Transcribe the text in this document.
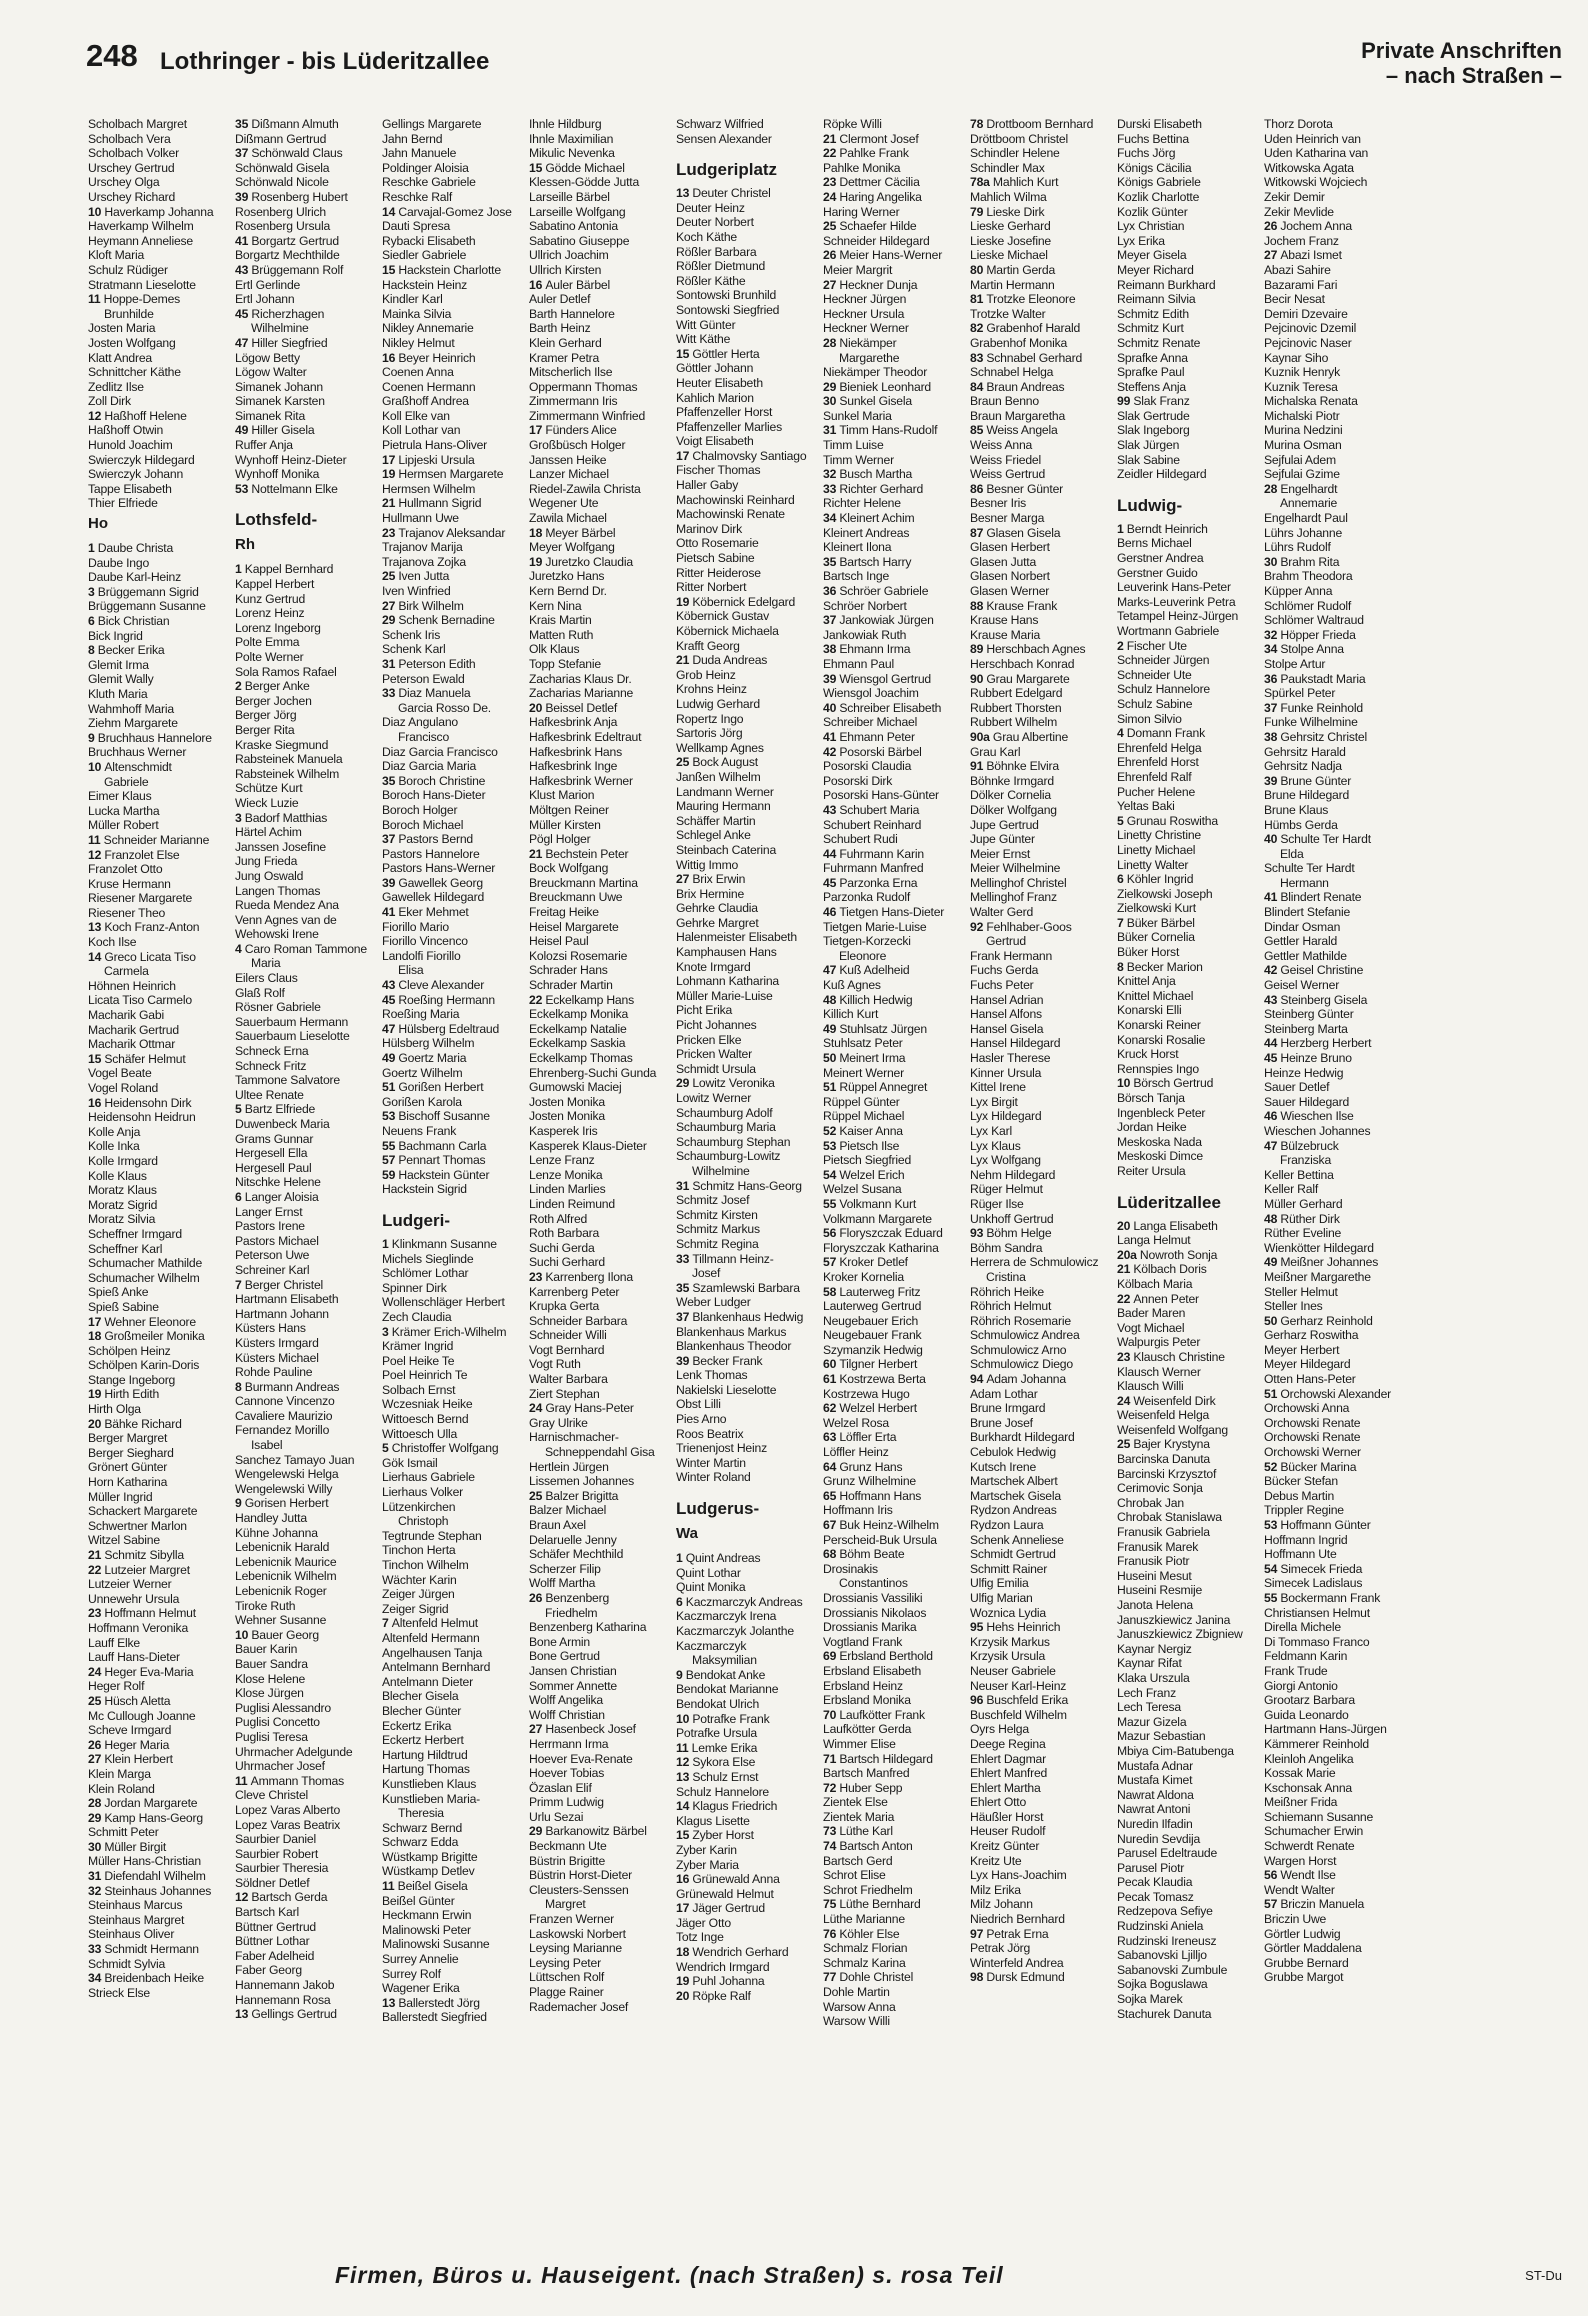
248 Lothringer - bis Lüderitzallee	Private Anschriften
– nach Straßen –
Scholbach Margret
Scholbach Vera
Scholbach Volker
Urschey Gertrud
Urschey Olga
Urschey Richard
10 Haverkamp Johanna
Haverkamp Wilhelm
Heymann Anneliese
Kloft Maria
Schulz Rüdiger
Stratmann Lieselotte
11 Hoppe-Demes
Brunhilde
Josten Maria
Josten Wolfgang
Klatt Andrea
Schnittcher Käthe
Zedlitz Ilse
Zoll Dirk
12 Haßhoff Helene
Haßhoff Otwin
Hunold Joachim
Swierczyk Hildegard
Swierczyk Johann
Tappe Elisabeth
Thier Elfriede
Ho
1 Daube Christa
Daube Ingo
Daube Karl-Heinz
3 Brüggemann Sigrid
Brüggemann Susanne
6 Bick Christian
Bick Ingrid
8 Becker Erika
Glemit Irma
Glemit Wally
Kluth Maria
Wahmhoff Maria
Ziehm Margarete
9 Bruchhaus Hannelore
Bruchhaus Werner
10 Altenschmidt
Gabriele
Eimer Klaus
Lucka Martha
Müller Robert
11 Schneider Marianne
12 Franzolet Else
Franzolet Otto
Kruse Hermann
Riesener Margarete
Riesener Theo
13 Koch Franz-Anton
Koch Ilse
14 Greco Licata Tiso
Carmela
Höhnen Heinrich
Licata Tiso Carmelo
Macharik Gabi
Macharik Gertrud
Macharik Ottmar
15 Schäfer Helmut
Vogel Beate
Vogel Roland
16 Heidensohn Dirk
Heidensohn Heidrun
Kolle Anja
Kolle Inka
Kolle Irmgard
Kolle Klaus
Moratz Klaus
Moratz Sigrid
Moratz Silvia
Scheffner Irmgard
Scheffner Karl
Schumacher Mathilde
Schumacher Wilhelm
Spieß Anke
Spieß Sabine
17 Wehner Eleonore
18 Großmeiler Monika
Schölpen Heinz
Schölpen Karin-Doris
Stange Ingeborg
19 Hirth Edith
Hirth Olga
20 Bähke Richard
Berger Margret
Berger Sieghard
Grönert Günter
Horn Katharina
Müller Ingrid
Schackert Margarete
Schwertner Marlon
Witzel Sabine
21 Schmitz Sibylla
22 Lutzeier Margret
Lutzeier Werner
Unnewehr Ursula
23 Hoffmann Helmut
Hoffmann Veronika
Lauff Elke
Lauff Hans-Dieter
24 Heger Eva-Maria
Heger Rolf
25 Hüsch Aletta
Mc Cullough Joanne
Scheve Irmgard
26 Heger Maria
27 Klein Herbert
Klein Marga
Klein Roland
28 Jordan Margarete
29 Kamp Hans-Georg
Schmitt Peter
30 Müller Birgit
Müller Hans-Christian
31 Diefendahl Wilhelm
32 Steinhaus Johannes
Steinhaus Marcus
Steinhaus Margret
Steinhaus Oliver
33 Schmidt Hermann
Schmidt Sylvia
34 Breidenbach Heike
Strieck Else
35 Dißmann Almuth
Dißmann Gertrud
37 Schönwald Claus
Schönwald Gisela
Schönwald Nicole
39 Rosenberg Hubert
Rosenberg Ulrich
Rosenberg Ursula
41 Borgartz Gertrud
Borgartz Mechthilde
43 Brüggemann Rolf
Ertl Gerlinde
Ertl Johann
45 Richerzhagen
Wilhelmine
47 Hiller Siegfried
Lögow Betty
Lögow Walter
Simanek Johann
Simanek Karsten
Simanek Rita
49 Hiller Gisela
Ruffer Anja
Wynhoff Heinz-Dieter
Wynhoff Monika
53 Nottelmann Elke
Lothsfeld-
Rh
1 Kappel Bernhard
Kappel Herbert
Kunz Gertrud
Lorenz Heinz
Lorenz Ingeborg
Polte Emma
Polte Werner
Sola Ramos Rafael
2 Berger Anke
Berger Jochen
Berger Jörg
Berger Rita
Kraske Siegmund
Rabsteinek Manuela
Rabsteinek Wilhelm
Schütze Kurt
Wieck Luzie
3 Badorf Matthias
Härtel Achim
Janssen Josefine
Jung Frieda
Jung Oswald
Langen Thomas
Rueda Mendez Ana
Venn Agnes van de
Wehowski Irene
4 Caro Roman Tammone
Maria
Eilers Claus
Glaß Rolf
Rösner Gabriele
Sauerbaum Hermann
Sauerbaum Lieselotte
Schneck Erna
Schneck Fritz
Tammone Salvatore
Ultee Renate
5 Bartz Elfriede
Duwenbeck Maria
Grams Gunnar
Hergesell Ella
Hergesell Paul
Nitschke Helene
6 Langer Aloisia
Langer Ernst
Pastors Irene
Pastors Michael
Peterson Uwe
Schreiner Karl
7 Berger Christel
Hartmann Elisabeth
Hartmann Johann
Küsters Hans
Küsters Irmgard
Küsters Michael
Rohde Pauline
8 Burmann Andreas
Cannone Vincenzo
Cavaliere Maurizio
Fernandez Morillo
Isabel
Sanchez Tamayo Juan
Wengelewski Helga
Wengelewski Willy
9 Gorisen Herbert
Handley Jutta
Kühne Johanna
Lebenicnik Harald
Lebenicnik Maurice
Lebenicnik Wilhelm
Lebenicnik Roger
Tiroke Ruth
Wehner Susanne
10 Bauer Georg
Bauer Karin
Bauer Sandra
Klose Helene
Klose Jürgen
Puglisi Alessandro
Puglisi Concetto
Puglisi Teresa
Uhrmacher Adelgunde
Uhrmacher Josef
11 Ammann Thomas
Cleve Christel
Lopez Varas Alberto
Lopez Varas Beatrix
Saurbier Daniel
Saurbier Robert
Saurbier Theresia
Söldner Detlef
12 Bartsch Gerda
Bartsch Karl
Büttner Gertrud
Büttner Lothar
Faber Adelheid
Faber Georg
Hannemann Jakob
Hannemann Rosa
13 Gellings Gertrud
Gellings Margarete
Jahn Bernd
Jahn Manuele
Poldinger Aloisia
Reschke Gabriele
Reschke Ralf
14 Carvajal-Gomez Jose
Dauti Spresa
Rybacki Elisabeth
Siedler Gabriele
15 Hackstein Charlotte
Hackstein Heinz
Kindler Karl
Mainka Silvia
Nikley Annemarie
Nikley Helmut
16 Beyer Heinrich
Coenen Anna
Coenen Hermann
Graßhoff Andrea
Koll Elke van
Koll Lothar van
Pietrula Hans-Oliver
17 Lipjeski Ursula
19 Hermsen Margarete
Hermsen Wilhelm
21 Hullmann Sigrid
Hullmann Uwe
23 Trajanov Aleksandar
Trajanov Marija
Trajanova Zojka
25 Iven Jutta
Iven Winfried
27 Birk Wilhelm
29 Schenk Bernadine
Schenk Iris
Schenk Karl
31 Peterson Edith
Peterson Ewald
33 Diaz Manuela
Garcia Rosso De.
Diaz Angulano
Francisco
Diaz Garcia Francisco
Diaz Garcia Maria
35 Boroch Christine
Boroch Hans-Dieter
Boroch Holger
Boroch Michael
37 Pastors Bernd
Pastors Hannelore
Pastors Hans-Werner
39 Gawellek Georg
Gawellek Hildegard
41 Eker Mehmet
Fiorillo Mario
Fiorillo Vincenco
Landolfi Fiorillo
Elisa
43 Cleve Alexander
45 Roeßing Hermann
Roeßing Maria
47 Hülsberg Edeltraud
Hülsberg Wilhelm
49 Goertz Maria
Goertz Wilhelm
51 Gorißen Herbert
Gorißen Karola
53 Bischoff Susanne
Neuens Frank
55 Bachmann Carla
57 Pennart Thomas
59 Hackstein Günter
Hackstein Sigrid
Ludgeri-
1 Klinkmann Susanne
Michels Sieglinde
Schlömer Lothar
Spinner Dirk
Wollenschläger Herbert
Zech Claudia
3 Krämer Erich-Wilhelm
Krämer Ingrid
Poel Heike Te
Poel Heinrich Te
Solbach Ernst
Wczesniak Heike
Wittoesch Bernd
Wittoesch Ulla
5 Christoffer Wolfgang
Gök Ismail
Lierhaus Gabriele
Lierhaus Volker
Lützenkirchen
Christoph
Tegtrunde Stephan
Tinchon Herta
Tinchon Wilhelm
Wächter Karin
Zeiger Jürgen
Zeiger Sigrid
7 Altenfeld Helmut
Altenfeld Hermann
Angelhausen Tanja
Antelmann Bernhard
Antelmann Dieter
Blecher Gisela
Blecher Günter
Eckertz Erika
Eckertz Herbert
Hartung Hildtrud
Hartung Thomas
Kunstlieben Klaus
Kunstlieben Maria-
Theresia
Schwarz Bernd
Schwarz Edda
Wüstkamp Brigitte
Wüstkamp Detlev
11 Beißel Gisela
Beißel Günter
Heckmann Erwin
Malinowski Peter
Malinowski Susanne
Surrey Annelie
Surrey Rolf
Wagener Erika
13 Ballerstedt Jörg
Ballerstedt Siegfried
Ihnle Hildburg
Ihnle Maximilian
Mikulic Nevenka
15 Gödde Michael
Klessen-Gödde Jutta
Larseille Bärbel
Larseille Wolfgang
Sabatino Antonia
Sabatino Giuseppe
Ullrich Joachim
Ullrich Kirsten
16 Auler Bärbel
Auler Detlef
Barth Hannelore
Barth Heinz
Klein Gerhard
Kramer Petra
Mitscherlich Ilse
Oppermann Thomas
Zimmermann Iris
Zimmermann Winfried
17 Fünders Alice
Großbüsch Holger
Janssen Heike
Lanzer Michael
Riedel-Zawila Christa
Wegener Ute
Zawila Michael
18 Meyer Bärbel
Meyer Wolfgang
19 Juretzko Claudia
Juretzko Hans
Kern Bernd Dr.
Kern Nina
Krais Martin
Matten Ruth
Olk Klaus
Topp Stefanie
Zacharias Klaus Dr.
Zacharias Marianne
20 Beissel Detlef
Hafkesbrink Anja
Hafkesbrink Edeltraut
Hafkesbrink Hans
Hafkesbrink Inge
Hafkesbrink Werner
Klust Marion
Möltgen Reiner
Müller Kirsten
Pögl Holger
21 Bechstein Peter
Bock Wolfgang
Breuckmann Martina
Breuckmann Uwe
Freitag Heike
Heisel Margarete
Heisel Paul
Kolozsi Rosemarie
Schrader Hans
Schrader Martin
22 Eckelkamp Hans
Eckelkamp Monika
Eckelkamp Natalie
Eckelkamp Saskia
Eckelkamp Thomas
Ehrenberg-Suchi Gunda
Gumowski Maciej
Josten Monika
Josten Monika
Kasperek Iris
Kasperek Klaus-Dieter
Lenze Franz
Lenze Monika
Linden Marlies
Linden Reimund
Roth Alfred
Roth Barbara
Suchi Gerda
Suchi Gerhard
23 Karrenberg Ilona
Karrenberg Peter
Krupka Gerta
Schneider Barbara
Schneider Willi
Vogt Bernhard
Vogt Ruth
Walter Barbara
Ziert Stephan
24 Gray Hans-Peter
Gray Ulrike
Harnischmacher-
Schneppendahl Gisa
Hertlein Jürgen
Lissemen Johannes
25 Balzer Brigitta
Balzer Michael
Braun Axel
Delaruelle Jenny
Schäfer Mechthild
Scherzer Filip
Wolff Martha
26 Benzenberg
Friedhelm
Benzenberg Katharina
Bone Armin
Bone Gertrud
Jansen Christian
Sommer Annette
Wolff Angelika
Wolff Christian
27 Hasenbeck Josef
Herrmann Irma
Hoever Eva-Renate
Hoever Tobias
Özaslan Elif
Primm Ludwig
Urlu Sezai
29 Barkanowitz Bärbel
Beckmann Ute
Büstrin Brigitte
Büstrin Horst-Dieter
Cleusters-Senssen
Margret
Franzen Werner
Laskowski Norbert
Leysing Marianne
Leysing Peter
Lüttschen Rolf
Plagge Rainer
Rademacher Josef
Schwarz Wilfried
Sensen Alexander
Ludgeriplatz
13 Deuter Christel
Deuter Heinz
Deuter Norbert
Koch Käthe
Rößler Barbara
Rößler Dietmund
Rößler Käthe
Sontowski Brunhild
Sontowski Siegfried
Witt Günter
Witt Käthe
15 Göttler Herta
Göttler Johann
Heuter Elisabeth
Kahlich Marion
Pfaffenzeller Horst
Pfaffenzeller Marlies
Voigt Elisabeth
17 Chalmovsky Santiago
Fischer Thomas
Haller Gaby
Machowinski Reinhard
Machowinski Renate
Marinov Dirk
Otto Rosemarie
Pietsch Sabine
Ritter Heiderose
Ritter Norbert
19 Köbernick Edelgard
Köbernick Gustav
Köbernick Michaela
Krafft Georg
21 Duda Andreas
Grob Heinz
Krohns Heinz
Ludwig Gerhard
Ropertz Ingo
Sartoris Jörg
Wellkamp Agnes
25 Bock August
Janßen Wilhelm
Landmann Werner
Mauring Hermann
Schäffer Martin
Schlegel Anke
Steinbach Caterina
Wittig Immo
27 Brix Erwin
Brix Hermine
Gehrke Claudia
Gehrke Margret
Halenmeister Elisabeth
Kamphausen Hans
Knote Irmgard
Lohmann Katharina
Müller Marie-Luise
Picht Erika
Picht Johannes
Pricken Elke
Pricken Walter
Schmidt Ursula
29 Lowitz Veronika
Lowitz Werner
Schaumburg Adolf
Schaumburg Maria
Schaumburg Stephan
Schaumburg-Lowitz
Wilhelmine
31 Schmitz Hans-Georg
Schmitz Josef
Schmitz Kirsten
Schmitz Markus
Schmitz Regina
33 Tillmann Heinz-
Josef
35 Szamlewski Barbara
Weber Ludger
37 Blankenhaus Hedwig
Blankenhaus Markus
Blankenhaus Theodor
39 Becker Frank
Lenk Thomas
Nakielski Lieselotte
Obst Lilli
Pies Arno
Roos Beatrix
Trienenjost Heinz
Winter Martin
Winter Roland
Ludgerus-
Wa
1 Quint Andreas
Quint Lothar
Quint Monika
6 Kaczmarczyk Andreas
Kaczmarczyk Irena
Kaczmarczyk Jolanthe
Kaczmarczyk
Maksymilian
9 Bendokat Anke
Bendokat Marianne
Bendokat Ulrich
10 Potrafke Frank
Potrafke Ursula
11 Lemke Erika
12 Sykora Else
13 Schulz Ernst
Schulz Hannelore
14 Klagus Friedrich
Klagus Lisette
15 Zyber Horst
Zyber Karin
Zyber Maria
16 Grünewald Anna
Grünewald Helmut
17 Jäger Gertrud
Jäger Otto
Totz Inge
18 Wendrich Gerhard
Wendrich Irmgard
19 Puhl Johanna
20 Röpke Ralf
Röpke Willi
21 Clermont Josef
22 Pahlke Frank
Pahlke Monika
23 Dettmer Cäcilia
24 Haring Angelika
Haring Werner
25 Schaefer Hilde
Schneider Hildegard
26 Meier Hans-Werner
Meier Margrit
27 Heckner Dunja
Heckner Jürgen
Heckner Ursula
Heckner Werner
28 Niekämper
Margarethe
Niekämper Theodor
29 Bieniek Leonhard
30 Sunkel Gisela
Sunkel Maria
31 Timm Hans-Rudolf
Timm Luise
Timm Werner
32 Busch Martha
33 Richter Gerhard
Richter Helene
34 Kleinert Achim
Kleinert Andreas
Kleinert Ilona
35 Bartsch Harry
Bartsch Inge
36 Schröer Gabriele
Schröer Norbert
37 Jankowiak Jürgen
Jankowiak Ruth
38 Ehmann Irma
Ehmann Paul
39 Wiensgol Gertrud
Wiensgol Joachim
40 Schreiber Elisabeth
Schreiber Michael
41 Ehmann Peter
42 Posorski Bärbel
Posorski Claudia
Posorski Dirk
Posorski Hans-Günter
43 Schubert Maria
Schubert Reinhard
Schubert Rudi
44 Fuhrmann Karin
Fuhrmann Manfred
45 Parzonka Erna
Parzonka Rudolf
46 Tietgen Hans-Dieter
Tietgen Marie-Luise
Tietgen-Korzecki
Eleonore
47 Kuß Adelheid
Kuß Agnes
48 Killich Hedwig
Killich Kurt
49 Stuhlsatz Jürgen
Stuhlsatz Peter
50 Meinert Irma
Meinert Werner
51 Rüppel Annegret
Rüppel Günter
Rüppel Michael
52 Kaiser Anna
53 Pietsch Ilse
Pietsch Siegfried
54 Welzel Erich
Welzel Susana
55 Volkmann Kurt
Volkmann Margarete
56 Floryszczak Eduard
Floryszczak Katharina
57 Kroker Detlef
Kroker Kornelia
58 Lauterweg Fritz
Lauterweg Gertrud
Neugebauer Erich
Neugebauer Frank
Szymanzik Hedwig
60 Tilgner Herbert
61 Kostrzewa Berta
Kostrzewa Hugo
62 Welzel Herbert
Welzel Rosa
63 Löffler Erta
Löffler Heinz
64 Grunz Hans
Grunz Wilhelmine
65 Hoffmann Hans
Hoffmann Iris
67 Buk Heinz-Wilhelm
Perscheid-Buk Ursula
68 Böhm Beate
Drosinakis
Constantinos
Drossianis Vassiliki
Drossianis Nikolaos
Drossianis Marika
Vogtland Frank
69 Erbsland Berthold
Erbsland Elisabeth
Erbsland Heinz
Erbsland Monika
70 Laufkötter Frank
Laufkötter Gerda
Wimmer Elise
71 Bartsch Hildegard
Bartsch Manfred
72 Huber Sepp
Zientek Else
Zientek Maria
73 Lüthe Karl
74 Bartsch Anton
Bartsch Gerd
Schrot Elise
Schrot Friedhelm
75 Lüthe Bernhard
Lüthe Marianne
76 Köhler Else
Schmalz Florian
Schmalz Karina
77 Dohle Christel
Dohle Martin
Warsow Anna
Warsow Willi
78 Drottboom Bernhard
Dröttboom Christel
Schindler Helene
Schindler Max
78a Mahlich Kurt
Mahlich Wilma
79 Lieske Dirk
Lieske Gerhard
Lieske Josefine
Lieske Michael
80 Martin Gerda
Martin Hermann
81 Trotzke Eleonore
Trotzke Walter
82 Grabenhof Harald
Grabenhof Monika
83 Schnabel Gerhard
Schnabel Helga
84 Braun Andreas
Braun Benno
Braun Margaretha
85 Weiss Angela
Weiss Anna
Weiss Friedel
Weiss Gertrud
86 Besner Günter
Besner Iris
Besner Marga
87 Glasen Gisela
Glasen Herbert
Glasen Jutta
Glasen Norbert
Glasen Werner
88 Krause Frank
Krause Hans
Krause Maria
89 Herschbach Agnes
Herschbach Konrad
90 Grau Margarete
Rubbert Edelgard
Rubbert Thorsten
Rubbert Wilhelm
90a Grau Albertine
Grau Karl
91 Böhnke Elvira
Böhnke Irmgard
Dölker Cornelia
Dölker Wolfgang
Jupe Gertrud
Jupe Günter
Meier Ernst
Meier Wilhelmine
Mellinghof Christel
Mellinghof Franz
Walter Gerd
92 Fehlhaber-Goos
Gertrud
Frank Hermann
Fuchs Gerda
Fuchs Peter
Hansel Adrian
Hansel Alfons
Hansel Gisela
Hansel Hildegard
Hasler Therese
Kinner Ursula
Kittel Irene
Lyx Birgit
Lyx Hildegard
Lyx Karl
Lyx Klaus
Lyx Wolfgang
Nehm Hildegard
Rüger Helmut
Rüger Ilse
Unkhoff Gertrud
93 Böhm Helge
Böhm Sandra
Herrera de Schmulowicz
Cristina
Röhrich Heike
Röhrich Helmut
Röhrich Rosemarie
Schmulowicz Andrea
Schmulowicz Arno
Schmulowicz Diego
94 Adam Johanna
Adam Lothar
Brune Irmgard
Brune Josef
Burkhardt Hildegard
Cebulok Hedwig
Kutsch Irene
Martschek Albert
Martschek Gisela
Rydzon Andreas
Rydzon Laura
Schenk Anneliese
Schmidt Gertrud
Schmitt Rainer
Ulfig Emilia
Ulfig Marian
Woznica Lydia
95 Hehs Heinrich
Krzysik Markus
Krzysik Ursula
Neuser Gabriele
Neuser Karl-Heinz
96 Buschfeld Erika
Buschfeld Wilhelm
Oyrs Helga
Deege Regina
Ehlert Dagmar
Ehlert Manfred
Ehlert Martha
Ehlert Otto
Häußler Horst
Heuser Rudolf
Kreitz Günter
Kreitz Ute
Lyx Hans-Joachim
Milz Erika
Milz Johann
Niedrich Bernhard
97 Petrak Erna
Petrak Jörg
Winterfeld Andrea
98 Dursk Edmund
Durski Elisabeth
Fuchs Bettina
Fuchs Jörg
Königs Cäcilia
Königs Gabriele
Kozlik Charlotte
Kozlik Günter
Lyx Christian
Lyx Erika
Meyer Gisela
Meyer Richard
Reimann Burkhard
Reimann Silvia
Schmitz Edith
Schmitz Kurt
Schmitz Renate
Sprafke Anna
Sprafke Paul
Steffens Anja
99 Slak Franz
Slak Gertrude
Slak Ingeborg
Slak Jürgen
Slak Sabine
Zeidler Hildegard
Ludwig-
1 Berndt Heinrich
Berns Michael
Gerstner Andrea
Gerstner Guido
Leuverink Hans-Peter
Marks-Leuverink Petra
Tetampel Heinz-Jürgen
Wortmann Gabriele
2 Fischer Ute
Schneider Jürgen
Schneider Ute
Schulz Hannelore
Schulz Sabine
Simon Silvio
4 Domann Frank
Ehrenfeld Helga
Ehrenfeld Horst
Ehrenfeld Ralf
Pucher Helene
Yeltas Baki
5 Grunau Roswitha
Linetty Christine
Linetty Michael
Linetty Walter
6 Köhler Ingrid
Zielkowski Joseph
Zielkowski Kurt
7 Büker Bärbel
Büker Cornelia
Büker Horst
8 Becker Marion
Knittel Anja
Knittel Michael
Konarski Elli
Konarski Reiner
Konarski Rosalie
Kruck Horst
Rennspies Ingo
10 Börsch Gertrud
Börsch Tanja
Ingenbleck Peter
Jordan Heike
Meskoska Nada
Meskoski Dimce
Reiter Ursula
Lüderitzallee
20 Langa Elisabeth
Langa Helmut
20a Nowroth Sonja
21 Kölbach Doris
Kölbach Maria
22 Annen Peter
Bader Maren
Vogt Michael
Walpurgis Peter
23 Klausch Christine
Klausch Werner
Klausch Willi
24 Weisenfeld Dirk
Weisenfeld Helga
Weisenfeld Wolfgang
25 Bajer Krystyna
Barcinska Danuta
Barcinski Krzysztof
Cerimovic Sonja
Chrobak Jan
Chrobak Stanislawa
Franusik Gabriela
Franusik Marek
Franusik Piotr
Huseini Mesut
Huseini Resmije
Janota Helena
Januszkiewicz Janina
Januszkiewicz Zbigniew
Kaynar Nergiz
Kaynar Rifat
Klaka Urszula
Lech Franz
Lech Teresa
Mazur Gizela
Mazur Sebastian
Mbiya Cim-Batubenga
Mustafa Adnar
Mustafa Kimet
Nawrat Aldona
Nawrat Antoni
Nuredin Ilfadin
Nuredin Sevdija
Parusel Edeltraude
Parusel Piotr
Pecak Klaudia
Pecak Tomasz
Redzepova Sefiye
Rudzinski Aniela
Rudzinski Ireneusz
Sabanovski Ljilljo
Sabanovski Zumbule
Sojka Boguslawa
Sojka Marek
Stachurek Danuta
Thorz Dorota
Uden Heinrich van
Uden Katharina van
Witkowska Agata
Witkowski Wojciech
Zekir Demir
Zekir Mevlide
26 Jochem Anna
Jochem Franz
27 Abazi Ismet
Abazi Sahire
Bazarami Fari
Becir Nesat
Demiri Dzevaire
Pejcinovic Dzemil
Pejcinovic Naser
Kaynar Siho
Kuznik Henryk
Kuznik Teresa
Michalska Renata
Michalski Piotr
Murina Nedzini
Murina Osman
Sejfulai Adem
Sejfulai Gzime
28 Engelhardt
Annemarie
Engelhardt Paul
Lührs Johanne
Lührs Rudolf
30 Brahm Rita
Brahm Theodora
Küpper Anna
Schlömer Rudolf
Schlömer Waltraud
32 Höpper Frieda
34 Stolpe Anna
Stolpe Artur
36 Paukstadt Maria
Spürkel Peter
37 Funke Reinhold
Funke Wilhelmine
38 Gehrsitz Christel
Gehrsitz Harald
Gehrsitz Nadja
39 Brune Günter
Brune Hildegard
Brune Klaus
Hümbs Gerda
40 Schulte Ter Hardt
Elda
Schulte Ter Hardt
Hermann
41 Blindert Renate
Blindert Stefanie
Dindar Osman
Gettler Harald
Gettler Mathilde
42 Geisel Christine
Geisel Werner
43 Steinberg Gisela
Steinberg Günter
Steinberg Marta
44 Herzberg Herbert
45 Heinze Bruno
Heinze Hedwig
Sauer Detlef
Sauer Hildegard
46 Wieschen Ilse
Wieschen Johannes
47 Bülzebruck
Franziska
Keller Bettina
Keller Ralf
Müller Gerhard
48 Rüther Dirk
Rüther Eveline
Wienkötter Hildegard
49 Meißner Johannes
Meißner Margarethe
Steller Helmut
Steller Ines
50 Gerharz Reinhold
Gerharz Roswitha
Meyer Herbert
Meyer Hildegard
Otten Hans-Peter
51 Orchowski Alexander
Orchowski Anna
Orchowski Renate
Orchowski Renate
Orchowski Werner
52 Bücker Marina
Bücker Stefan
Debus Martin
Trippler Regine
53 Hoffmann Günter
Hoffmann Ingrid
Hoffmann Ute
54 Simecek Frieda
Simecek Ladislaus
55 Bockermann Frank
Christiansen Helmut
Dirella Michele
Di Tommaso Franco
Feldmann Karin
Frank Trude
Giorgi Antonio
Grootarz Barbara
Guida Leonardo
Hartmann Hans-Jürgen
Kämmerer Reinhold
Kleinloh Angelika
Kossak Marie
Kschonsak Anna
Meißner Frida
Schiemann Susanne
Schumacher Erwin
Schwerdt Renate
Wargen Horst
56 Wendt Ilse
Wendt Walter
57 Briczin Manuela
Briczin Uwe
Görtler Ludwig
Görtler Maddalena
Grubbe Bernard
Grubbe Margot
Firmen, Büros u. Hauseigent. (nach Straßen) s. rosa Teil	ST-Du
